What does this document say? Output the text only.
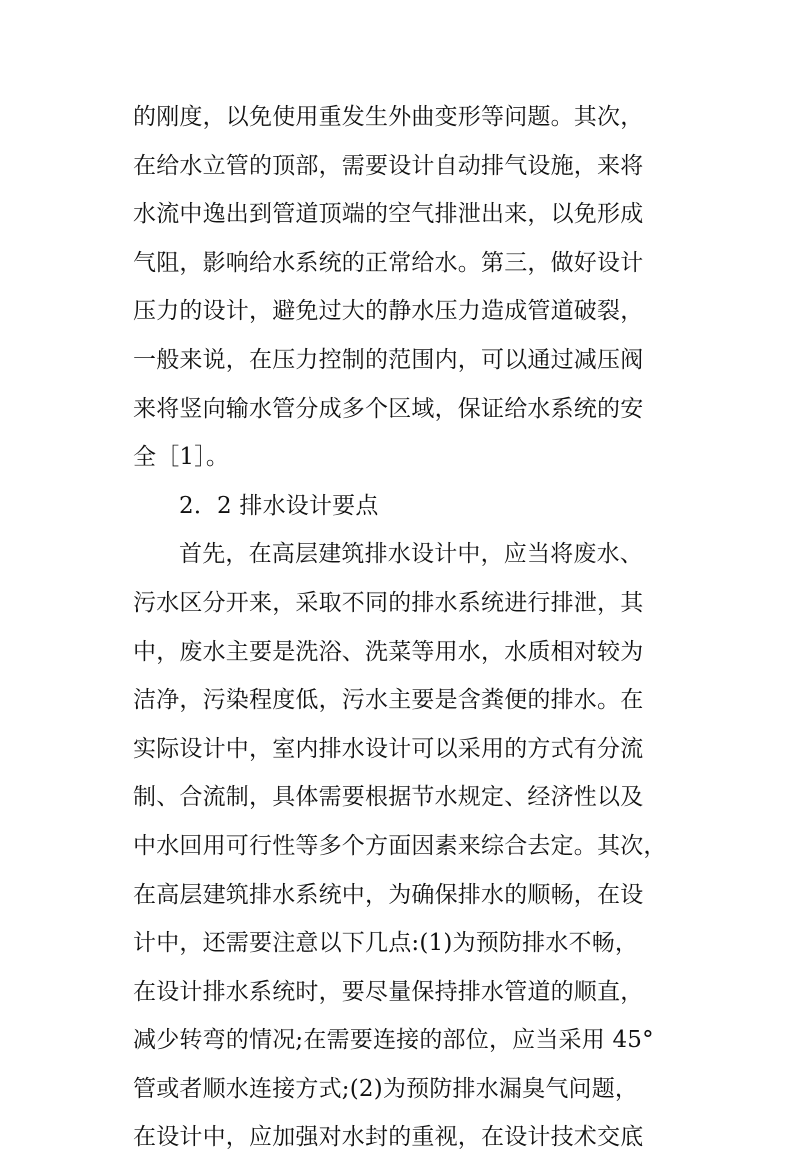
的刚度，以免使用重发生外曲变形等问题。其次，
在给水立管的顶部，需要设计自动排气设施，来将
水流中逸出到管道顶端的空气排泄出来，以免形成
气阻，影响给水系统的正常给水。第三，做好设计
压力的设计，避免过大的静水压力造成管道破裂，
一般来说，在压力控制的范围内，可以通过减压阀
来将竖向输水管分成多个区域，保证给水系统的安
全［1］。
2．2 排水设计要点
首先，在高层建筑排水设计中，应当将废水、
污水区分开来，采取不同的排水系统进行排泄，其
中，废水主要是洗浴、洗菜等用水，水质相对较为
洁净，污染程度低，污水主要是含粪便的排水。在
实际设计中，室内排水设计可以采用的方式有分流
制、合流制，具体需要根据节水规定、经济性以及
中水回用可行性等多个方面因素来综合去定。其次，
在高层建筑排水系统中，为确保排水的顺畅，在设
计中，还需要注意以下几点:(1)为预防排水不畅，
在设计排水系统时，要尽量保持排水管道的顺直，
减少转弯的情况;在需要连接的部位，应当采用 45°
管或者顺水连接方式;(2)为预防排水漏臭气问题，
在设计中，应加强对水封的重视，在设计技术交底
